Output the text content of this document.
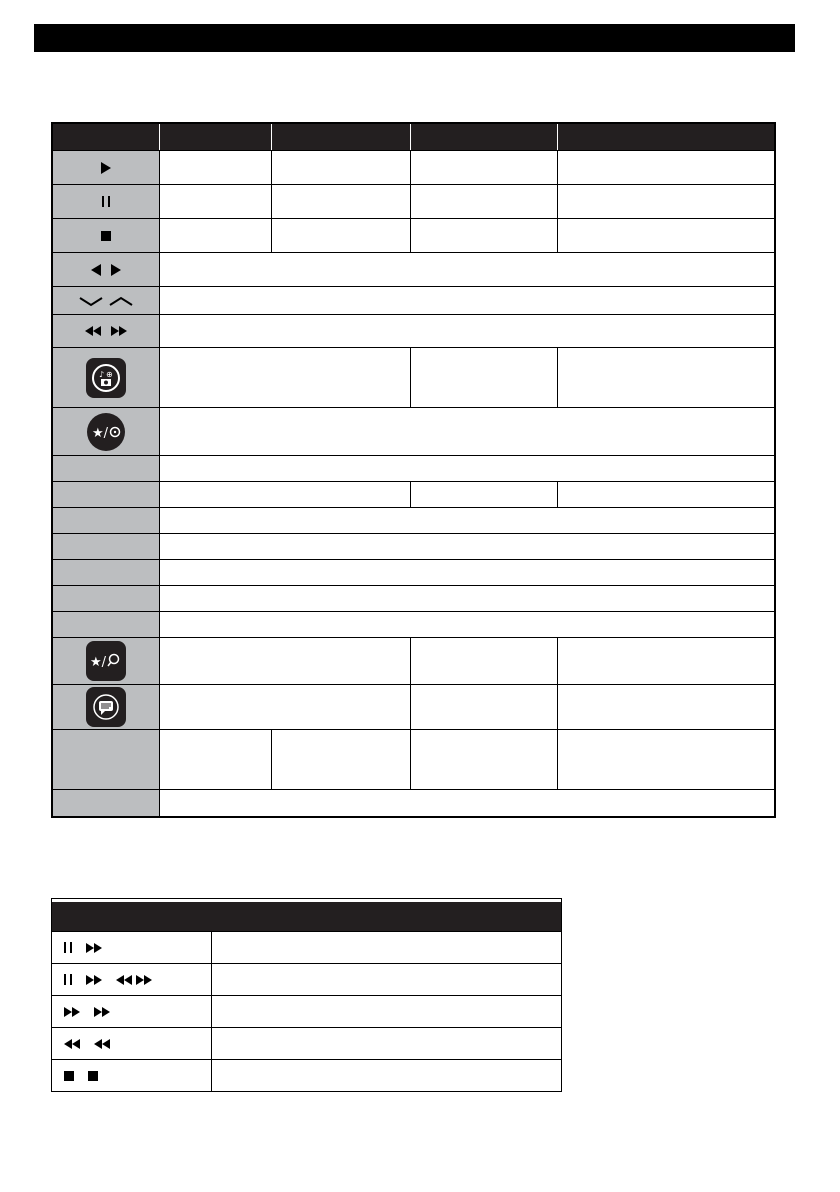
♪ ⊕
★/
★/
